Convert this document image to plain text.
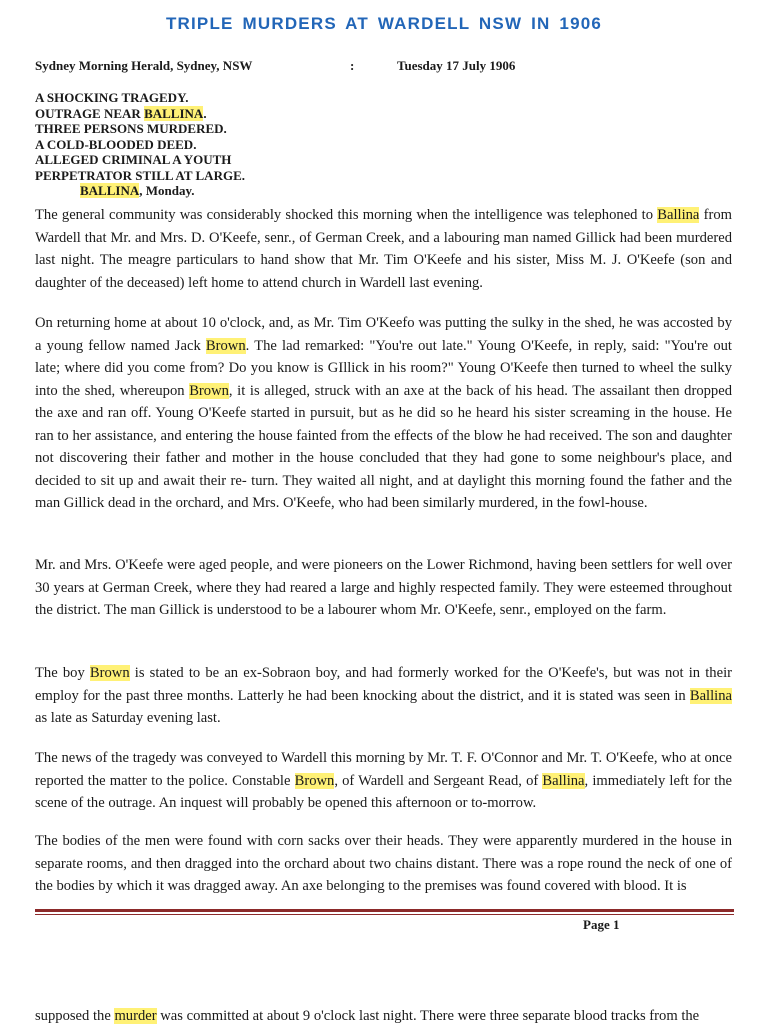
TRIPLE MURDERS AT WARDELL NSW IN 1906
Sydney Morning Herald, Sydney, NSW	:	Tuesday 17 July 1906
A SHOCKING TRAGEDY.
OUTRAGE NEAR BALLINA.
THREE PERSONS MURDERED.
A COLD-BLOODED DEED.
ALLEGED CRIMINAL A YOUTH
PERPETRATOR STILL AT LARGE.
BALLINA, Monday.

The general community was considerably shocked this morning when the intelligence was telephoned to Ballina from Wardell that Mr. and Mrs. D. O'Keefe, senr., of German Creek, and a labouring man named Gillick had been murdered last night. The meagre particulars to hand show that Mr. Tim O'Keefe and his sister, Miss M. J. O'Keefe (son and daughter of the deceased) left home to attend church in Wardell last evening.

On returning home at about 10 o'clock, and, as Mr. Tim O'Keefo was putting the sulky in the shed, he was accosted by a young fellow named Jack Brown. The lad remarked: "You're out late." Young O'Keefe, in reply, said: "You're out late; where did you come from? Do you know is GIllick in his room?" Young O'Keefe then turned to wheel the sulky into the shed, whereupon Brown, it is alleged, struck with an axe at the back of his head. The assailant then dropped the axe and ran off. Young O'Keefe started in pursuit, but as he did so he heard his sister screaming in the house. He ran to her assistance, and entering the house fainted from the effects of the blow he had received. The son and daughter not discovering their father and mother in the house concluded that they had gone to some neighbour's place, and decided to sit up and await their re- turn. They waited all night, and at daylight this morning found the father and the man Gillick dead in the orchard, and Mrs. O'Keefe, who had been similarly murdered, in the fowl-house.

Mr. and Mrs. O'Keefe were aged people, and were pioneers on the Lower Richmond, having been settlers for well over 30 years at German Creek, where they had reared a large and highly respected family. They were esteemed throughout the district. The man Gillick is understood to be a labourer whom Mr. O'Keefe, senr., employed on the farm.

The boy Brown is stated to be an ex-Sobraon boy, and had formerly worked for the O'Keefe's, but was not in their employ for the past three months. Latterly he had been knocking about the district, and it is stated was seen in Ballina as late as Saturday evening last.

The news of the tragedy was conveyed to Wardell this morning by Mr. T. F. O'Connor and Mr. T. O'Keefe, who at once reported the matter to the police. Constable Brown, of Wardell and Sergeant Read, of Ballina, immediately left for the scene of the outrage. An inquest will probably be opened this afternoon or to-morrow.

The bodies of the men were found with corn sacks over their heads. They were apparently murdered in the house in separate rooms, and then dragged into the orchard about two chains distant. There was a rope round the neck of one of the bodies by which it was dragged away. An axe belonging to the premises was found covered with blood. It is

Page 1

supposed the murder was committed at about 9 o'clock last night. There were three separate blood tracks from the
